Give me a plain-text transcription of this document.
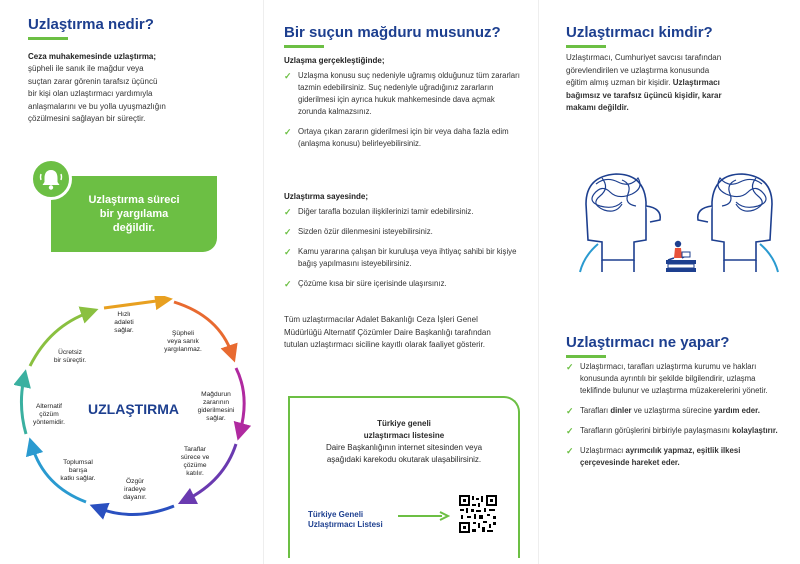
Uzlaştırma nedir?
Ceza muhakemesinde uzlaştırma;
şüpheli ile sanık ile mağdur veya
suçtan zarar görenin tarafsız üçüncü
bir kişi olan uzlaştırmacı yardımıyla
anlaşmalarını ve bu yolla uyuşmazlığın
çözülmesini sağlayan bir süreçtir.
Uzlaştırma süreci
bir yargılama
değildir.
UZLAŞTIRMA
Hızlı
adaleti
sağlar.	Şüpheli
veya sanık
yargılanmaz.
Mağdurun
zararının
giderilmesini
sağlar.
Taraflar
sürece ve
çözüme
katılır.
Özgür
iradeye
dayanır.
Toplumsal
barışa
katkı sağlar.
Alternatif
çözüm
yöntemidir.
Ücretsiz
bir süreçtir.
Bir suçun mağduru musunuz?
Uzlaşma gerçekleştiğinde;
✓ Uzlaşma konusu suç nedeniyle uğramış olduğunuz tüm zararları tazmin edebilirsiniz. Suç nedeniyle uğradığınız zararların giderilmesi için ayrıca hukuk mahkemesinde dava açmak zorunda kalmazsınız.
✓ Ortaya çıkan zararın giderilmesi için bir veya daha fazla edim (anlaşma konusu) belirleyebilirsiniz.
Uzlaştırma sayesinde;
✓ Diğer tarafla bozulan ilişkilerinizi tamir edebilirsiniz.
✓ Sizden özür dilenmesini isteyebilirsiniz.
✓ Kamu yararına çalışan bir kuruluşa veya ihtiyaç sahibi bir kişiye bağış yapılmasını isteyebilirsiniz.
✓ Çözüme kısa bir süre içerisinde ulaşırsınız.
Tüm uzlaştırmacılar Adalet Bakanlığı Ceza İşleri Genel Müdürlüğü Alternatif Çözümler Daire Başkanlığı tarafından tutulan uzlaştırmacı siciline kayıtlı olarak faaliyet gösterir.
Türkiye geneli
uzlaştırmacı listesine
Daire Başkanlığının internet sitesinden veya aşağıdaki karekodu okutarak ulaşabilirsiniz.
Türkiye Geneli
Uzlaştırmacı Listesi
Uzlaştırmacı kimdir?
Uzlaştırmacı, Cumhuriyet savcısı tarafından
görevlendirilen ve uzlaştırma konusunda
eğitim almış uzman bir kişidir. Uzlaştırmacı
bağımsız ve tarafsız üçüncü kişidir, karar
makamı değildir.
Uzlaştırmacı ne yapar?
✓ Uzlaştırmacı, tarafları uzlaştırma kurumu ve hakları konusunda ayrıntılı bir şekilde bilgilendirir, uzlaşma teklifinde bulunur ve uzlaştırma müzakerelerini yönetir.
✓ Tarafları dinler ve uzlaştırma sürecine yardım eder.
✓ Tarafların görüşlerini birbiriyle paylaşmasını kolaylaştırır.
✓ Uzlaştırmacı ayrımcılık yapmaz, eşitlik ilkesi çerçevesinde hareket eder.
